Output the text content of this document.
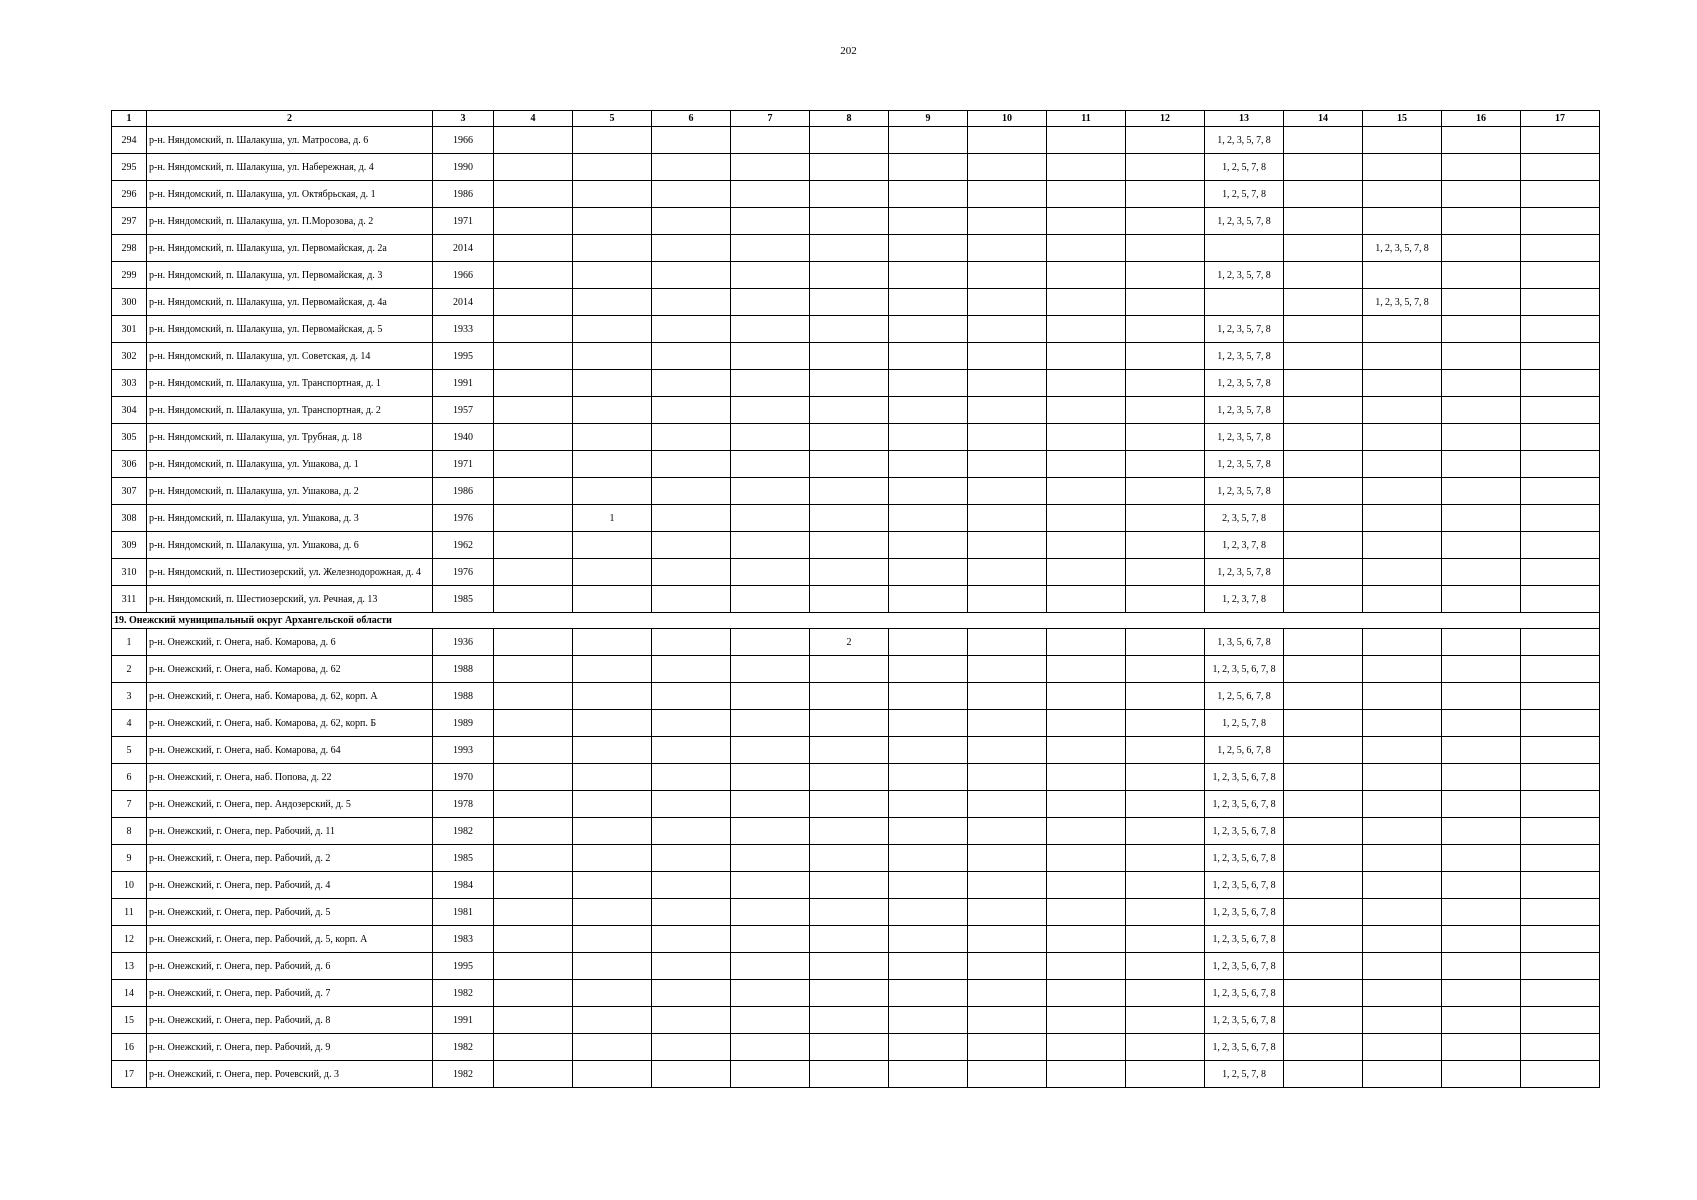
202
1	2	3	4	5	6	7	8	9	10	11	12	13	14	15	16	17
294	р-н. Няндомский, п. Шалакуша, ул. Матросова, д. 6	1966										1, 2, 3, 5, 7, 8				
295	р-н. Няндомский, п. Шалакуша, ул. Набережная, д. 4	1990										1, 2, 5, 7, 8				
296	р-н. Няндомский, п. Шалакуша, ул. Октябрьская, д. 1	1986										1, 2, 5, 7, 8				
297	р-н. Няндомский, п. Шалакуша, ул. П.Морозова, д. 2	1971										1, 2, 3, 5, 7, 8				
298	р-н. Няндомский, п. Шалакуша, ул. Первомайская, д. 2а	2014												1, 2, 3, 5, 7, 8		
299	р-н. Няндомский, п. Шалакуша, ул. Первомайская, д. 3	1966										1, 2, 3, 5, 7, 8				
300	р-н. Няндомский, п. Шалакуша, ул. Первомайская, д. 4а	2014												1, 2, 3, 5, 7, 8		
301	р-н. Няндомский, п. Шалакуша, ул. Первомайская, д. 5	1933										1, 2, 3, 5, 7, 8				
302	р-н. Няндомский, п. Шалакуша, ул. Советская, д. 14	1995										1, 2, 3, 5, 7, 8				
303	р-н. Няндомский, п. Шалакуша, ул. Транспортная, д. 1	1991										1, 2, 3, 5, 7, 8				
304	р-н. Няндомский, п. Шалакуша, ул. Транспортная, д. 2	1957										1, 2, 3, 5, 7, 8				
305	р-н. Няндомский, п. Шалакуша, ул. Трубная, д. 18	1940										1, 2, 3, 5, 7, 8				
306	р-н. Няндомский, п. Шалакуша, ул. Ушакова, д. 1	1971										1, 2, 3, 5, 7, 8				
307	р-н. Няндомский, п. Шалакуша, ул. Ушакова, д. 2	1986										1, 2, 3, 5, 7, 8				
308	р-н. Няндомский, п. Шалакуша, ул. Ушакова, д. 3	1976		1								2, 3, 5, 7, 8				
309	р-н. Няндомский, п. Шалакуша, ул. Ушакова, д. 6	1962										1, 2, 3, 7, 8				
310	р-н. Няндомский, п. Шестиозерский, ул. Железнодорожная, д. 4	1976										1, 2, 3, 5, 7, 8				
311	р-н. Няндомский, п. Шестиозерский, ул. Речная, д. 13	1985										1, 2, 3, 7, 8				
19. Онежский муниципальный округ Архангельской области																
1	р-н. Онежский, г. Онега, наб. Комарова, д. 6	1936					2					1, 3, 5, 6, 7, 8				
2	р-н. Онежский, г. Онега, наб. Комарова, д. 62	1988										1, 2, 3, 5, 6, 7, 8				
3	р-н. Онежский, г. Онега, наб. Комарова, д. 62, корп. А	1988										1, 2, 5, 6, 7, 8				
4	р-н. Онежский, г. Онега, наб. Комарова, д. 62, корп. Б	1989										1, 2, 5, 7, 8				
5	р-н. Онежский, г. Онега, наб. Комарова, д. 64	1993										1, 2, 5, 6, 7, 8				
6	р-н. Онежский, г. Онега, наб. Попова, д. 22	1970										1, 2, 3, 5, 6, 7, 8				
7	р-н. Онежский, г. Онега, пер. Андозерский, д. 5	1978										1, 2, 3, 5, 6, 7, 8				
8	р-н. Онежский, г. Онега, пер. Рабочий, д. 11	1982										1, 2, 3, 5, 6, 7, 8				
9	р-н. Онежский, г. Онега, пер. Рабочий, д. 2	1985										1, 2, 3, 5, 6, 7, 8				
10	р-н. Онежский, г. Онега, пер. Рабочий, д. 4	1984										1, 2, 3, 5, 6, 7, 8				
11	р-н. Онежский, г. Онега, пер. Рабочий, д. 5	1981										1, 2, 3, 5, 6, 7, 8				
12	р-н. Онежский, г. Онега, пер. Рабочий, д. 5, корп. А	1983										1, 2, 3, 5, 6, 7, 8				
13	р-н. Онежский, г. Онега, пер. Рабочий, д. 6	1995										1, 2, 3, 5, 6, 7, 8				
14	р-н. Онежский, г. Онега, пер. Рабочий, д. 7	1982										1, 2, 3, 5, 6, 7, 8				
15	р-н. Онежский, г. Онега, пер. Рабочий, д. 8	1991										1, 2, 3, 5, 6, 7, 8				
16	р-н. Онежский, г. Онега, пер. Рабочий, д. 9	1982										1, 2, 3, 5, 6, 7, 8				
17	р-н. Онежский, г. Онега, пер. Рочевский, д. 3	1982										1, 2, 5, 7, 8				
